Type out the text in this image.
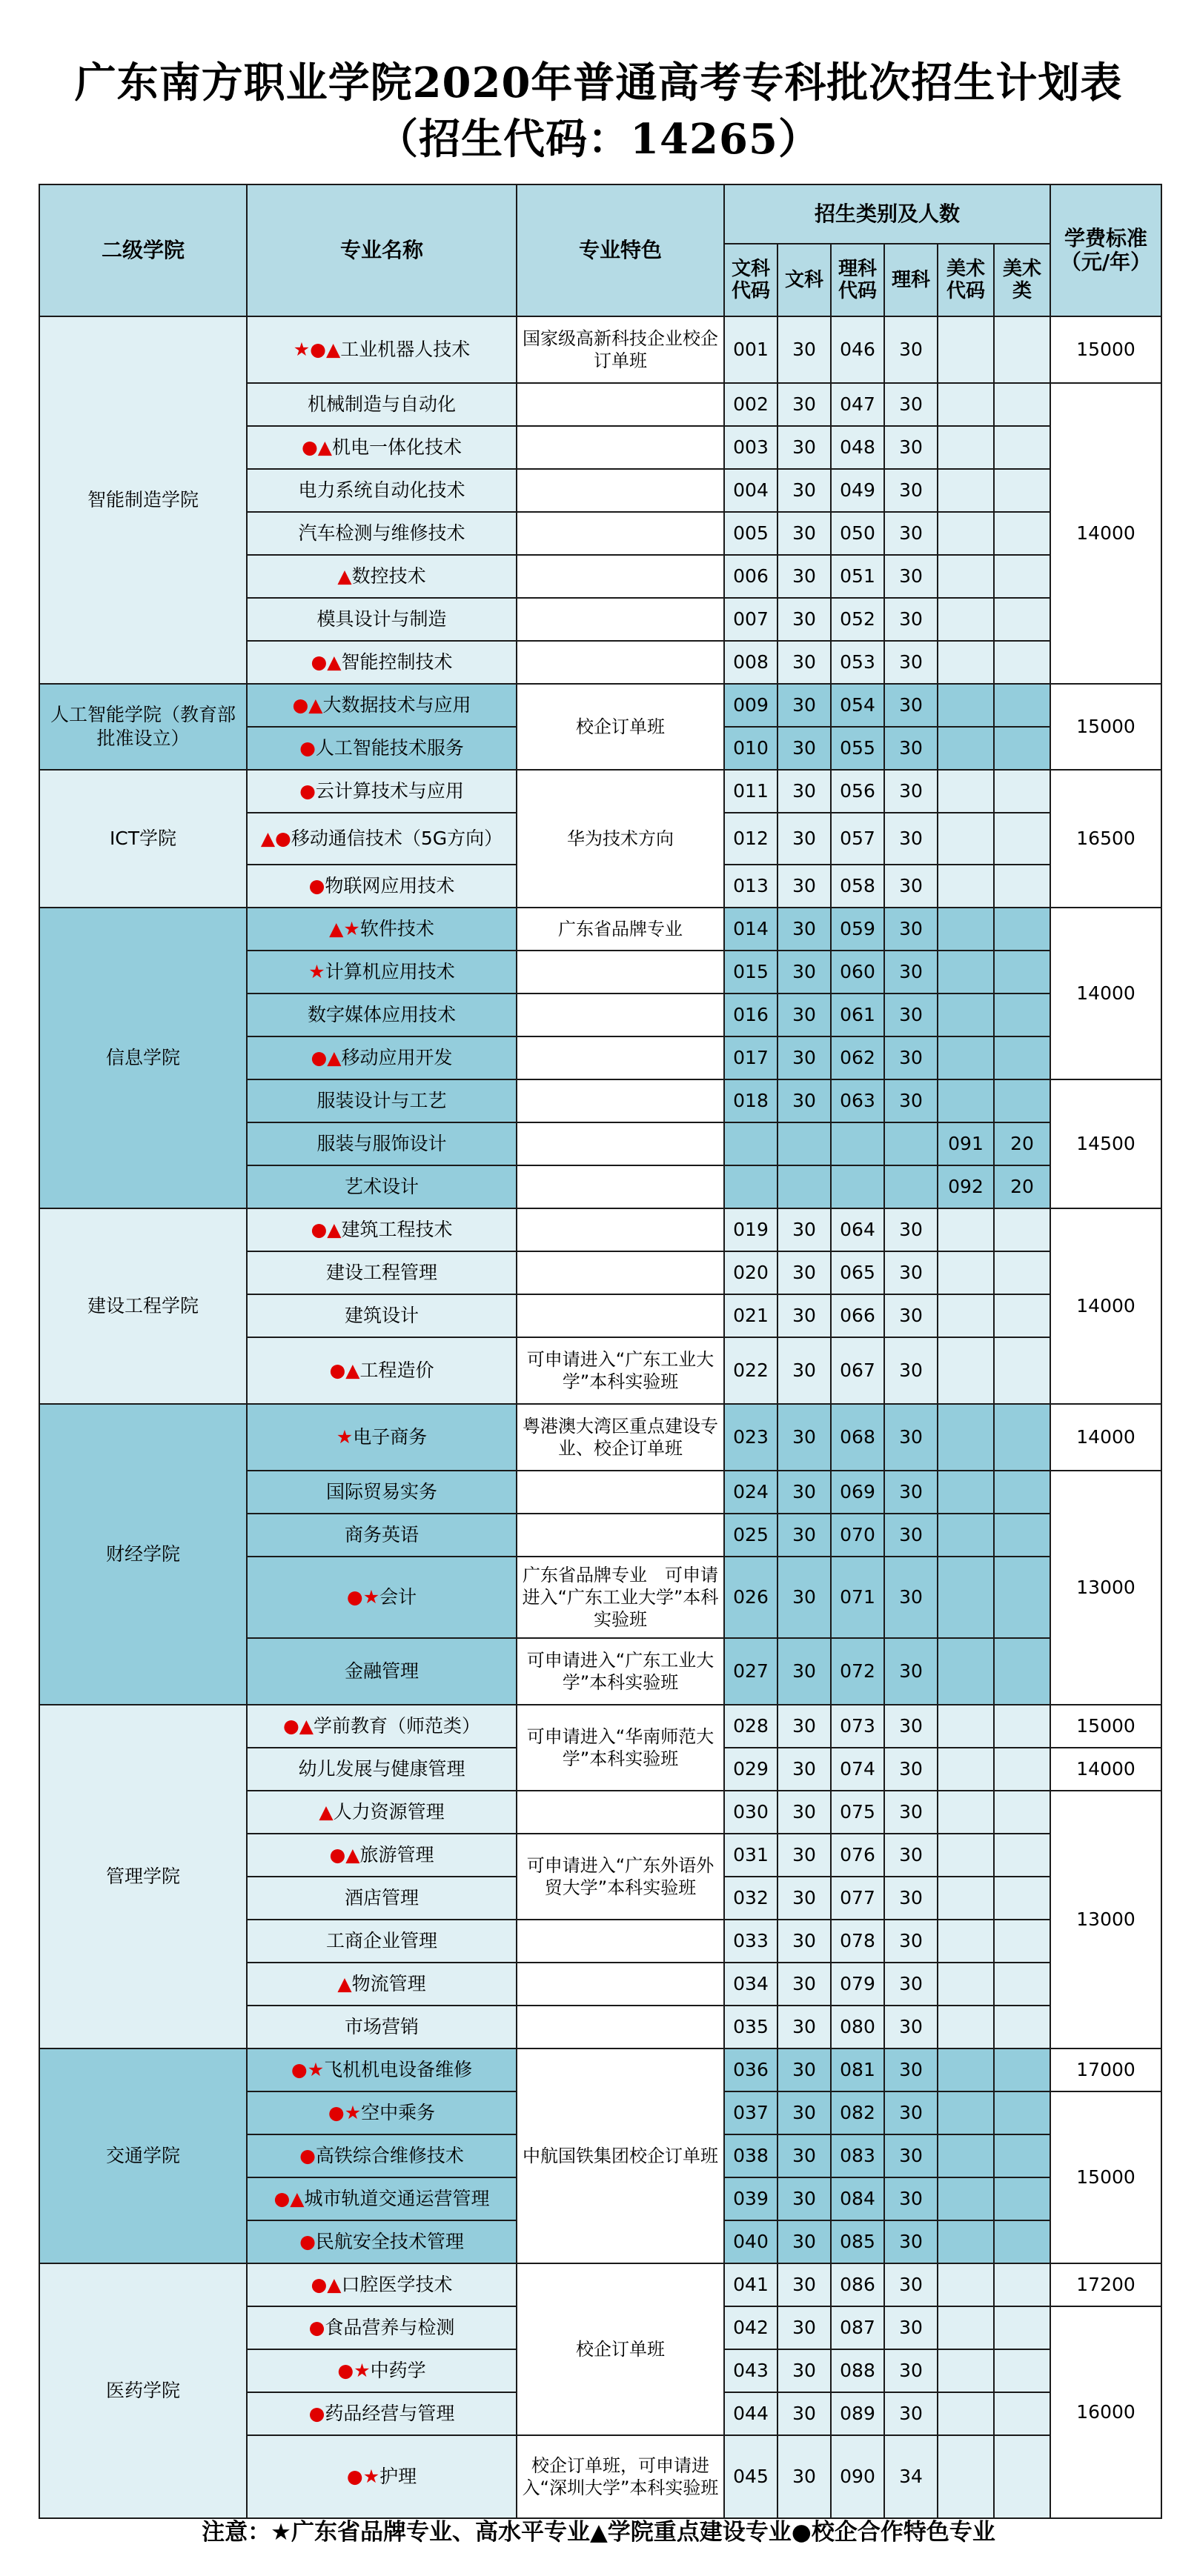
广东南方职业学院2020年普通高考专科批次招生计划表
（招生代码：14265）
二级学院	专业名称	专业特色	招生类别及人数						学费标准（元/年）
			文科代码	文科	理科代码	理科	美术代码	美术类	
智能制造学院	★●▲工业机器人技术	国家级高新科技企业校企订单班	001	30	046	30			15000
	机械制造与自动化		002	30	047	30			14000
	●▲机电一体化技术		003	30	048	30			
	电力系统自动化技术		004	30	049	30			
	汽车检测与维修技术		005	30	050	30			
	▲数控技术		006	30	051	30			
	模具设计与制造		007	30	052	30			
	●▲智能控制技术		008	30	053	30			
人工智能学院（教育部批准设立）	●▲大数据技术与应用	校企订单班	009	30	054	30			15000
	●人工智能技术服务		010	30	055	30			
ICT学院	●云计算技术与应用	华为技术方向	011	30	056	30			16500
	▲●移动通信技术（5G方向）		012	30	057	30			
	●物联网应用技术		013	30	058	30			
信息学院	▲★软件技术	广东省品牌专业	014	30	059	30			14000
	★计算机应用技术		015	30	060	30			
	数字媒体应用技术		016	30	061	30			
	●▲移动应用开发		017	30	062	30			
	服装设计与工艺		018	30	063	30			14500
	服装与服饰设计						091	20	
	艺术设计						092	20	
建设工程学院	●▲建筑工程技术		019	30	064	30			14000
	建设工程管理		020	30	065	30			
	建筑设计		021	30	066	30			
	●▲工程造价	可申请进入“广东工业大学”本科实验班	022	30	067	30			
财经学院	★电子商务	粤港澳大湾区重点建设专业、校企订单班	023	30	068	30			14000
	国际贸易实务		024	30	069	30			13000
	商务英语		025	30	070	30			
	●★会计	广东省品牌专业　可申请进入“广东工业大学”本科实验班	026	30	071	30			
	金融管理	可申请进入“广东工业大学”本科实验班	027	30	072	30			
管理学院	●▲学前教育（师范类）	可申请进入“华南师范大学”本科实验班	028	30	073	30			15000
	幼儿发展与健康管理		029	30	074	30			14000
	▲人力资源管理		030	30	075	30			13000
	●▲旅游管理	可申请进入“广东外语外贸大学”本科实验班	031	30	076	30			
	酒店管理		032	30	077	30			
	工商企业管理		033	30	078	30			
	▲物流管理		034	30	079	30			
	市场营销		035	30	080	30			
交通学院	●★飞机机电设备维修	中航国铁集团校企订单班	036	30	081	30			17000
	●★空中乘务		037	30	082	30			15000
	●高铁综合维修技术		038	30	083	30			
	●▲城市轨道交通运营管理		039	30	084	30			
	●民航安全技术管理		040	30	085	30			
医药学院	●▲口腔医学技术	校企订单班	041	30	086	30			17200
	●食品营养与检测		042	30	087	30			16000
	●★中药学		043	30	088	30			
	●药品经营与管理		044	30	089	30			
	●★护理	校企订单班，可申请进入“深圳大学”本科实验班	045	30	090	34			
注意：★广东省品牌专业、高水平专业▲学院重点建设专业●校企合作特色专业
